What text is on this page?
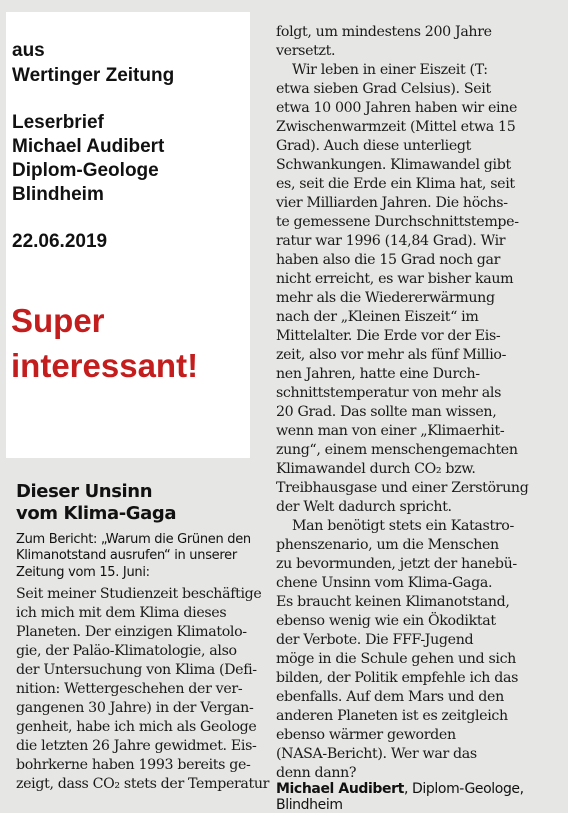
aus
Wertinger Zeitung
Leserbrief
Michael Audibert
Diplom-Geologe
Blindheim
22.06.2019
Super
interessant!
Dieser Unsinn
vom Klima-Gaga
Zum Bericht: „Warum die Grünen den
Klimanotstand ausrufen“ in unserer
Zeitung vom 15. Juni:
Seit meiner Studienzeit beschäftige
ich mich mit dem Klima dieses
Planeten. Der einzigen Klimatolo-
gie, der Paläo-Klimatologie, also
der Untersuchung von Klima (Defi-
nition: Wettergeschehen der ver-
gangenen 30 Jahre) in der Vergan-
genheit, habe ich mich als Geologe
die letzten 26 Jahre gewidmet. Eis-
bohrkerne haben 1993 bereits ge-
zeigt, dass CO₂ stets der Temperatur
folgt, um mindestens 200 Jahre
versetzt.
Wir leben in einer Eiszeit (T:
etwa sieben Grad Celsius). Seit
etwa 10 000 Jahren haben wir eine
Zwischenwarmzeit (Mittel etwa 15
Grad). Auch diese unterliegt
Schwankungen. Klimawandel gibt
es, seit die Erde ein Klima hat, seit
vier Milliarden Jahren. Die höchs-
te gemessene Durchschnittstempe-
ratur war 1996 (14,84 Grad). Wir
haben also die 15 Grad noch gar
nicht erreicht, es war bisher kaum
mehr als die Wiedererwärmung
nach der „Kleinen Eiszeit“ im
Mittelalter. Die Erde vor der Eis-
zeit, also vor mehr als fünf Millio-
nen Jahren, hatte eine Durch-
schnittstemperatur von mehr als
20 Grad. Das sollte man wissen,
wenn man von einer „Klimaerhit-
zung“, einem menschengemachten
Klimawandel durch CO₂ bzw.
Treibhausgase und einer Zerstörung
der Welt dadurch spricht.
Man benötigt stets ein Katastro-
phenszenario, um die Menschen
zu bevormunden, jetzt der hanebü-
chene Unsinn vom Klima-Gaga.
Es braucht keinen Klimanotstand,
ebenso wenig wie ein Ökodiktat
der Verbote. Die FFF-Jugend
möge in die Schule gehen und sich
bilden, der Politik empfehle ich das
ebenfalls. Auf dem Mars und den
anderen Planeten ist es zeitgleich
ebenso wärmer geworden
(NASA-Bericht). Wer war das
denn dann?
Michael Audibert, Diplom-Geologe,
Blindheim
